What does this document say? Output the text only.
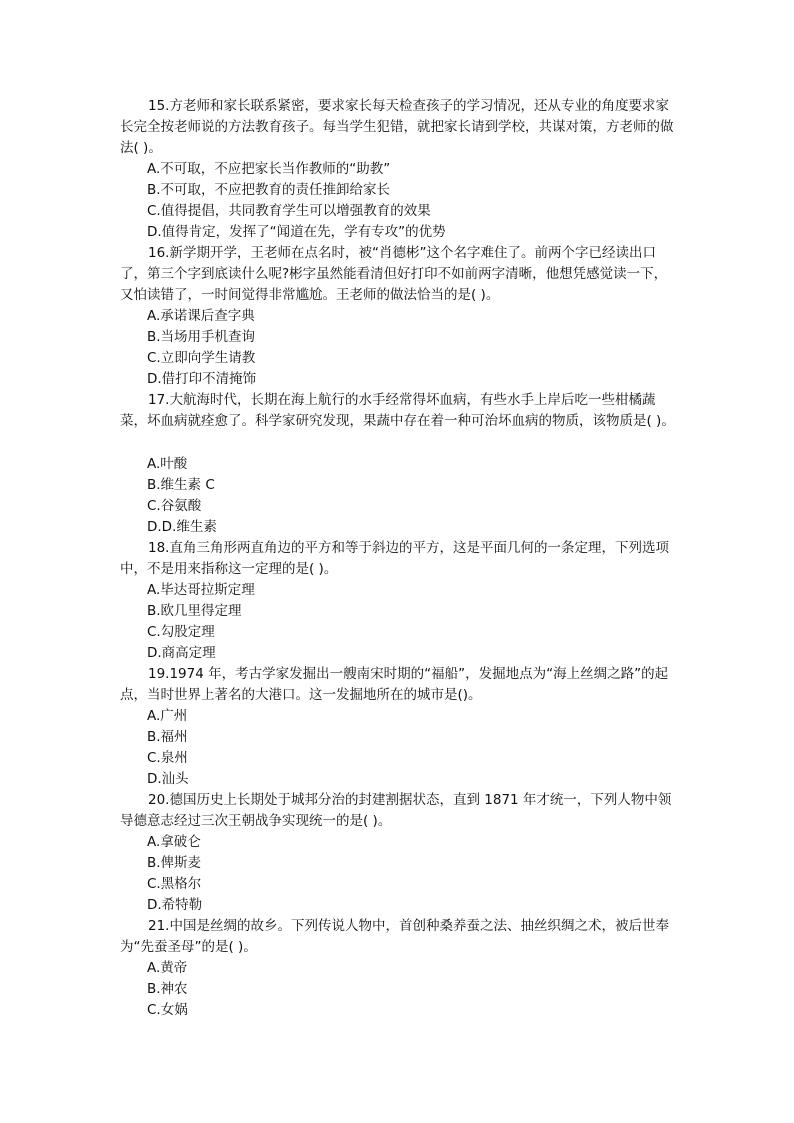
15.方老师和家长联系紧密，要求家长每天检查孩子的学习情况，还从专业的角度要求家长完全按老师说的方法教育孩子。每当学生犯错，就把家长请到学校，共谋对策，方老师的做法( )。

A.不可取，不应把家长当作教师的“助教”
B.不可取，不应把教育的责任推卸给家长
C.值得提倡，共同教育学生可以增强教育的效果
D.值得肯定，发挥了“闻道在先，学有专攻”的优势

16.新学期开学，王老师在点名时，被“肖德彬”这个名字难住了。前两个字已经读出口了，第三个字到底读什么呢?彬字虽然能看清但好打印不如前两字清晰，他想凭感觉读一下，又怕读错了，一时间觉得非常尴尬。王老师的做法恰当的是( )。

A.承诺课后查字典
B.当场用手机查询
C.立即向学生请教
D.借打印不清掩饰

17.大航海时代，长期在海上航行的水手经常得坏血病，有些水手上岸后吃一些柑橘蔬菜，坏血病就痊愈了。科学家研究发现，果蔬中存在着一种可治坏血病的物质，该物质是( )。

A.叶酸
B.维生素 C
C.谷氨酸
D.D.维生素

18.直角三角形两直角边的平方和等于斜边的平方，这是平面几何的一条定理，下列选项中，不是用来指称这一定理的是( )。

A.毕达哥拉斯定理
B.欧几里得定理
C.勾股定理
D.商高定理

19.1974 年，考古学家发掘出一艘南宋时期的“福船”，发掘地点为“海上丝绸之路”的起点，当时世界上著名的大港口。这一发掘地所在的城市是()。

A.广州
B.福州
C.泉州
D.汕头

20.德国历史上长期处于城邦分治的封建割据状态，直到 1871 年才统一，下列人物中领导德意志经过三次王朝战争实现统一的是( )。

A.拿破仑
B.俾斯麦
C.黑格尔
D.希特勒

21.中国是丝绸的故乡。下列传说人物中，首创种桑养蚕之法、抽丝织绸之术，被后世奉为“先蚕圣母”的是( )。

A.黄帝
B.神农
C.女娲
